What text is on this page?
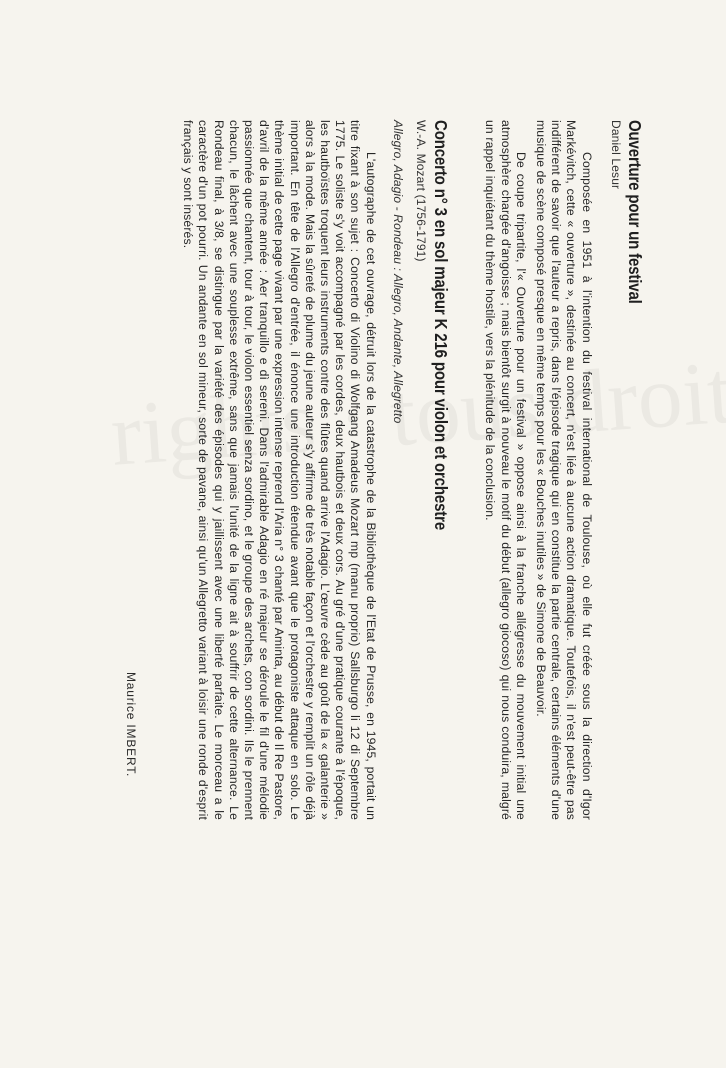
Ouverture pour un festival
Daniel Lesur

Composée en 1951 à l'intention du festival international de Toulouse, où elle fut créée sous la direction d'Igor Markévitch, cette « ouverture », destinée au concert, n'est liée à aucune action dramatique. Toutefois, il n'est peut-être pas indifférent de savoir que l'auteur a repris, dans l'épisode tragique qui en constitue la partie centrale, certains éléments d'une musique de scène composé presque en même temps pour les « Bouches inutiles » de Simone de Beauvoir.

De coupe tripartite, l'« Ouverture pour un festival » oppose ainsi à la franche allégresse du mouvement initial une atmosphère chargée d'angoisse ; mais bientôt surgit à nouveau le motif du début (allegro giocoso) qui nous conduira, malgré un rappel inquiétant du thème hostile, vers la plénitude de la conclusion.

Concerto n° 3 en sol majeur K 216 pour violon et orchestre
W.-A. Mozart (1756-1791)
Allegro, Adagio - Rondeau : Allegro, Andante, Allegretto

L'autographe de cet ouvrage, détruit lors de la catastrophe de la Bibliothèque de l'Etat de Prusse, en 1945, portait un titre fixant à son sujet : Concerto di Violino di Wolfgang Amadeus Mozart mp (manu proprio) Sallsburgo li 12 di Septembre 1775. Le soliste s'y voit accompagné par les cordes, deux hautbois et deux cors. Au gré d'une pratique courante à l'époque, les hautboïstes troquent leurs instruments contre des flûtes quand arrive l'Adagio. L'œuvre cède au goût de la « galanterie » alors à la mode. Mais la sûreté de plume du jeune auteur s'y affirme de très notable façon et l'orchestre y remplit un rôle déjà important. En tête de l'Allegro d'entrée, il énonce une introduction étendue avant que le protagoniste attaque en solo. Le thème initial de cette page vivant par une expression intense reprend l'Aria n° 3 chanté par Aminta, au début de Il Re Pastore, d'avril de la même année : Aer tranquillo e dì sereni. Dans l'admirable Adagio en ré majeur se déroule le fil d'une mélodie passionnée que chantent, tour à tour, le violon essentiel senza sordino, et le groupe des archets, con sordini. Ils le prennent chacun, le lâchent avec une souplesse extrême, sans que jamais l'unité de la ligne ait à souffrir de cette alternance. Le Rondeau final, à 3/8, se distingue par la variété des épisodes qui y jaillissent avec une liberté parfaite. Le morceau a le caractère d'un pot pourri. Un andante en sol mineur, sorte de pavane, ainsi qu'un Allegretto variant à loisir une ronde d'esprit français y sont insérés.

Maurice IMBERT.
